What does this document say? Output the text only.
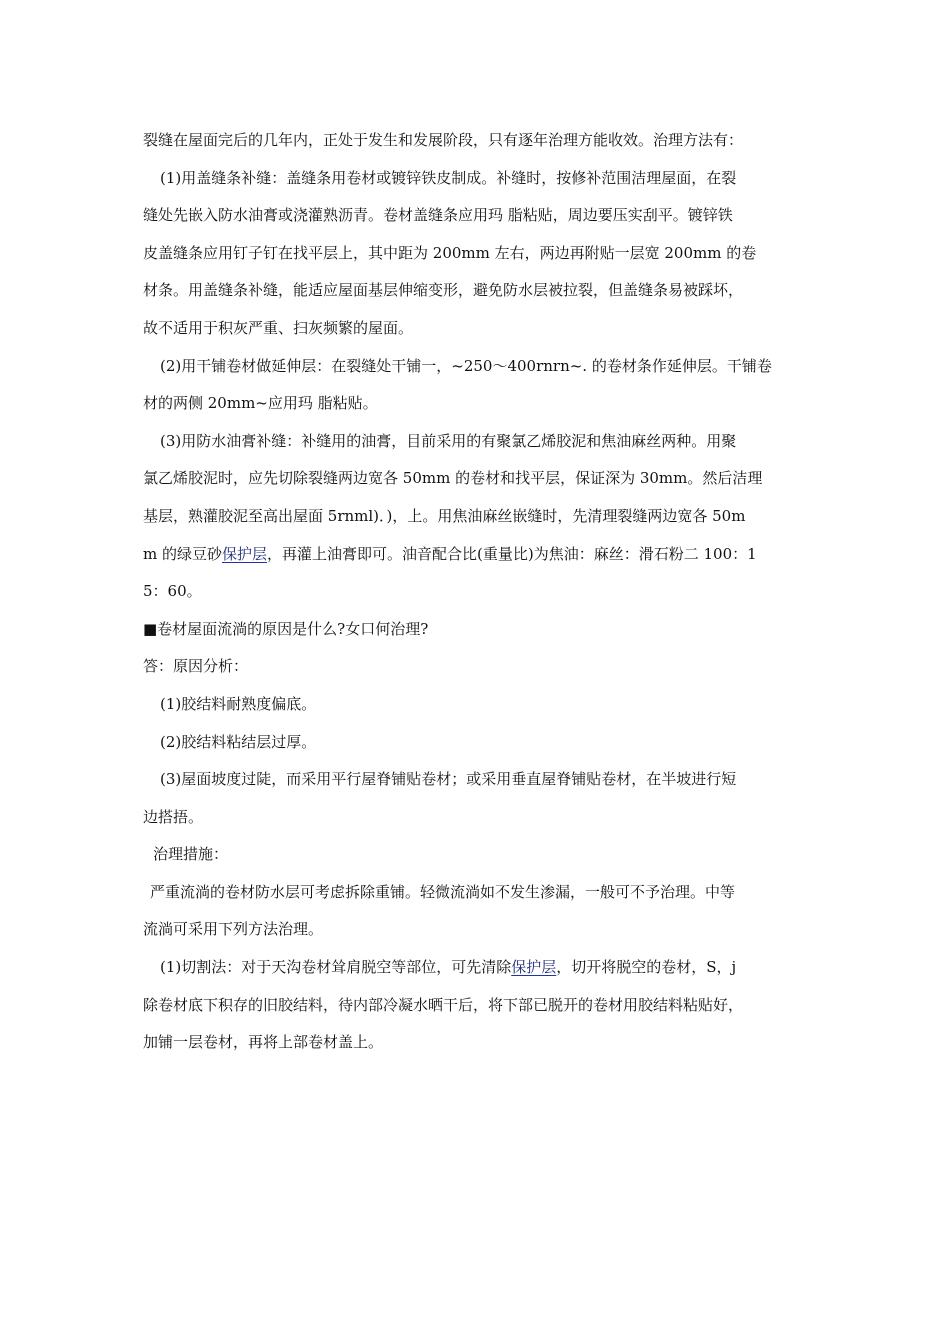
裂缝在屋面完后的几年内，正处于发生和发展阶段，只有逐年治理方能收效。治理方法有：
(1)用盖缝条补缝：盖缝条用卷材或镀锌铁皮制成。补缝时，按修补范围洁理屋面，在裂
缝处先嵌入防水油膏或浇灌熟沥青。卷材盖缝条应用玛 脂粘贴，周边要压实刮平。镀锌铁
皮盖缝条应用钉子钉在找平层上，其中距为 200mm 左右，两边再附贴一层宽 200mm 的卷
材条。用盖缝条补缝，能适应屋面基层伸缩变形，避免防水层被拉裂，但盖缝条易被踩坏，
故不适用于积灰严重、扫灰频繁的屋面。
(2)用干铺卷材做延伸层：在裂缝处干铺一，~250～400rnrn~. 的卷材条作延伸层。干铺卷
材的两侧 20mm~应用玛 脂粘贴。
(3)用防水油膏补缝：补缝用的油膏，目前采用的有聚氯乙烯胶泥和焦油麻丝两种。用聚
氯乙烯胶泥时，应先切除裂缝两边宽各 50mm 的卷材和找平层，保证深为 30mm。然后洁理
基层，熟灌胶泥至高出屋面 5rnml)．)，上。用焦油麻丝嵌缝时，先清理裂缝两边宽各 50m
m 的绿豆砂保护层，再灌上油膏即可。油音配合比(重量比)为焦油：麻丝：滑石粉二 100：1
5：60。
■卷材屋面流淌的原因是什么?女口何治理?
答：原因分析：
(1)胶结料耐熟度偏底。
(2)胶结料粘结层过厚。
(3)屋面坡度过陡，而采用平行屋脊铺贴卷材；或采用垂直屋脊铺贴卷材，在半坡进行短
边搭捂。
治理措施：
严重流淌的卷材防水层可考虑拆除重铺。轻微流淌如不发生渗漏，一般可不予治理。中等
流淌可采用下列方法治理。
(1)切割法：对于天沟卷材耸肩脱空等部位，可先清除保护层，切开将脱空的卷材，S，j
除卷材底下积存的旧胶结料，待内部冷凝水晒干后，将下部已脱开的卷材用胶结料粘贴好，
加铺一层卷材，再将上部卷材盖上。
